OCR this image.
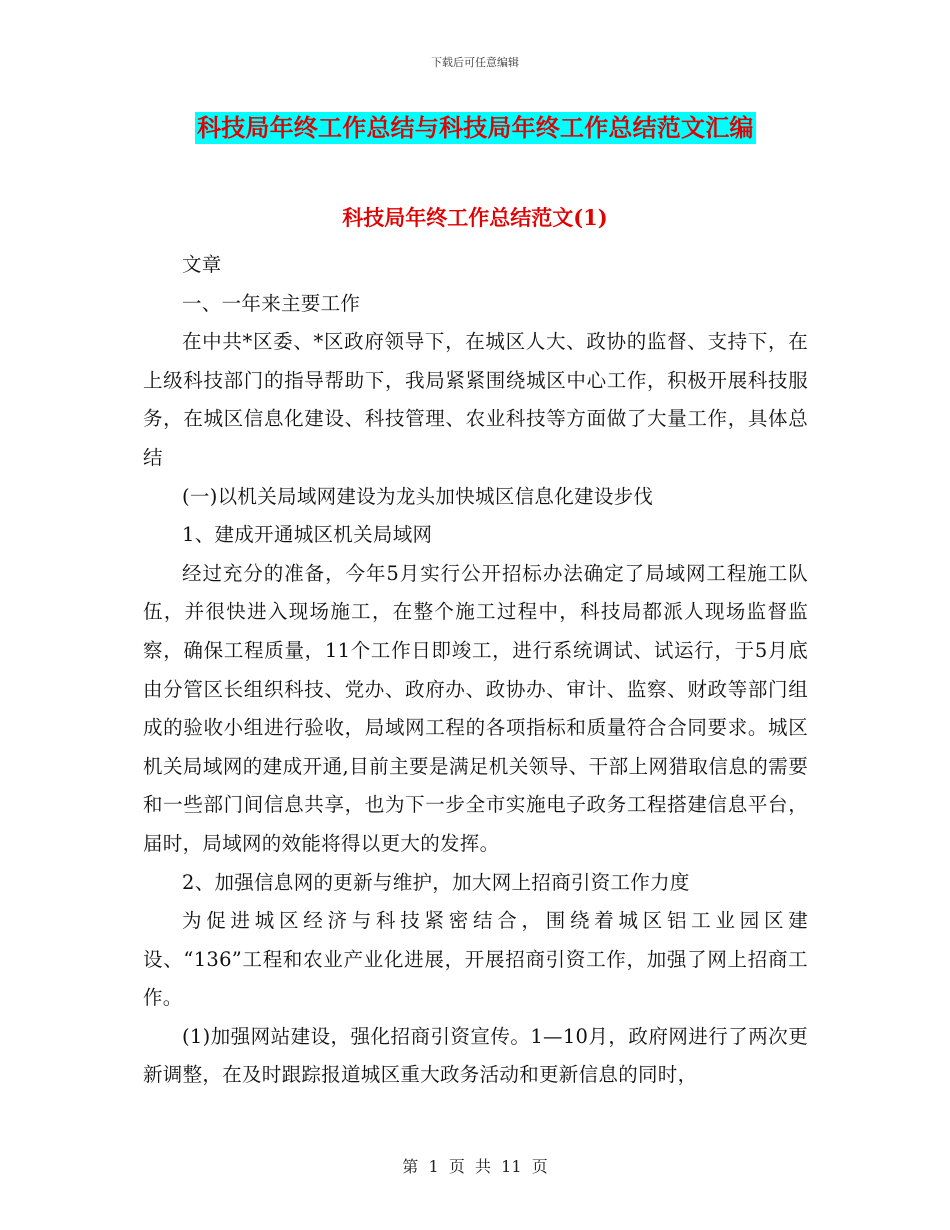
下载后可任意编辑
科技局年终工作总结与科技局年终工作总结范文汇编
科技局年终工作总结范文(1)

文章

一、一年来主要工作

在中共*区委、*区政府领导下，在城区人大、政协的监督、支持下，在上级科技部门的指导帮助下，我局紧紧围绕城区中心工作，积极开展科技服务，在城区信息化建设、科技管理、农业科技等方面做了大量工作，具体总结

(一)以机关局域网建设为龙头加快城区信息化建设步伐

1、建成开通城区机关局域网

经过充分的准备，今年5月实行公开招标办法确定了局域网工程施工队伍，并很快进入现场施工，在整个施工过程中，科技局都派人现场监督监察，确保工程质量，11个工作日即竣工，进行系统调试、试运行，于5月底由分管区长组织科技、党办、政府办、政协办、审计、监察、财政等部门组成的验收小组进行验收，局域网工程的各项指标和质量符合合同要求。城区机关局域网的建成开通,目前主要是满足机关领导、干部上网猎取信息的需要和一些部门间信息共享，也为下一步全市实施电子政务工程搭建信息平台，届时，局域网的效能将得以更大的发挥。

2、加强信息网的更新与维护，加大网上招商引资工作力度

为促进城区经济与科技紧密结合，围绕着城区铝工业园区建设、“136”工程和农业产业化进展，开展招商引资工作，加强了网上招商工作。

(1)加强网站建设，强化招商引资宣传。1—10月，政府网进行了两次更新调整，在及时跟踪报道城区重大政务活动和更新信息的同时，

第  1  页  共  11  页
